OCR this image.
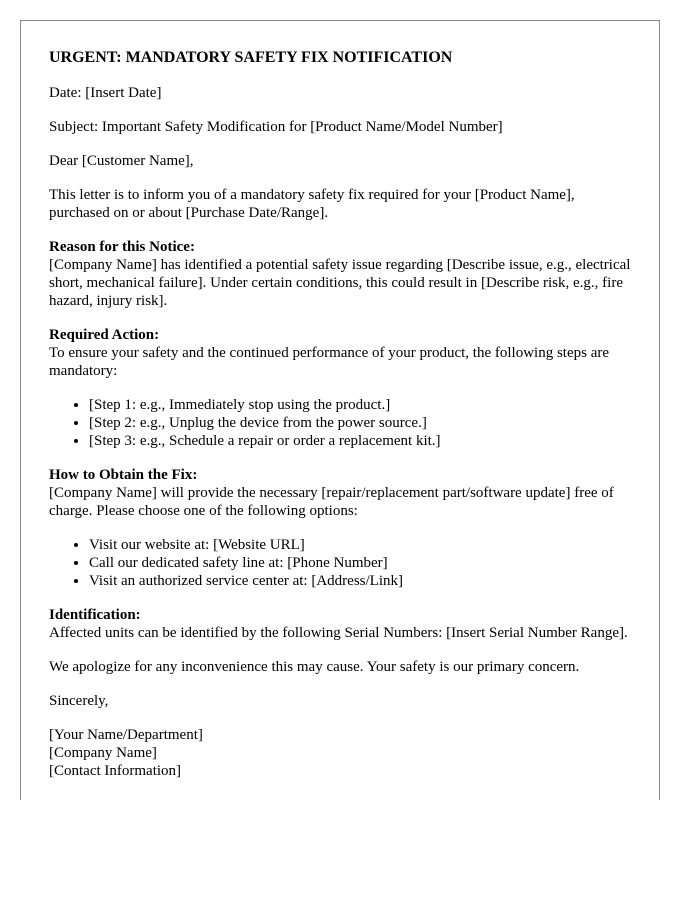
URGENT: MANDATORY SAFETY FIX NOTIFICATION

Date: [Insert Date]

Subject: Important Safety Modification for [Product Name/Model Number]

Dear [Customer Name],

This letter is to inform you of a mandatory safety fix required for your [Product Name], purchased on or about [Purchase Date/Range].

Reason for this Notice:
[Company Name] has identified a potential safety issue regarding [Describe issue, e.g., electrical short, mechanical failure]. Under certain conditions, this could result in [Describe risk, e.g., fire hazard, injury risk].

Required Action:
To ensure your safety and the continued performance of your product, the following steps are mandatory:

• [Step 1: e.g., Immediately stop using the product.]
• [Step 2: e.g., Unplug the device from the power source.]
• [Step 3: e.g., Schedule a repair or order a replacement kit.]

How to Obtain the Fix:
[Company Name] will provide the necessary [repair/replacement part/software update] free of charge. Please choose one of the following options:

• Visit our website at: [Website URL]
• Call our dedicated safety line at: [Phone Number]
• Visit an authorized service center at: [Address/Link]

Identification:
Affected units can be identified by the following Serial Numbers: [Insert Serial Number Range].

We apologize for any inconvenience this may cause. Your safety is our primary concern.

Sincerely,

[Your Name/Department]
[Company Name]
[Contact Information]
